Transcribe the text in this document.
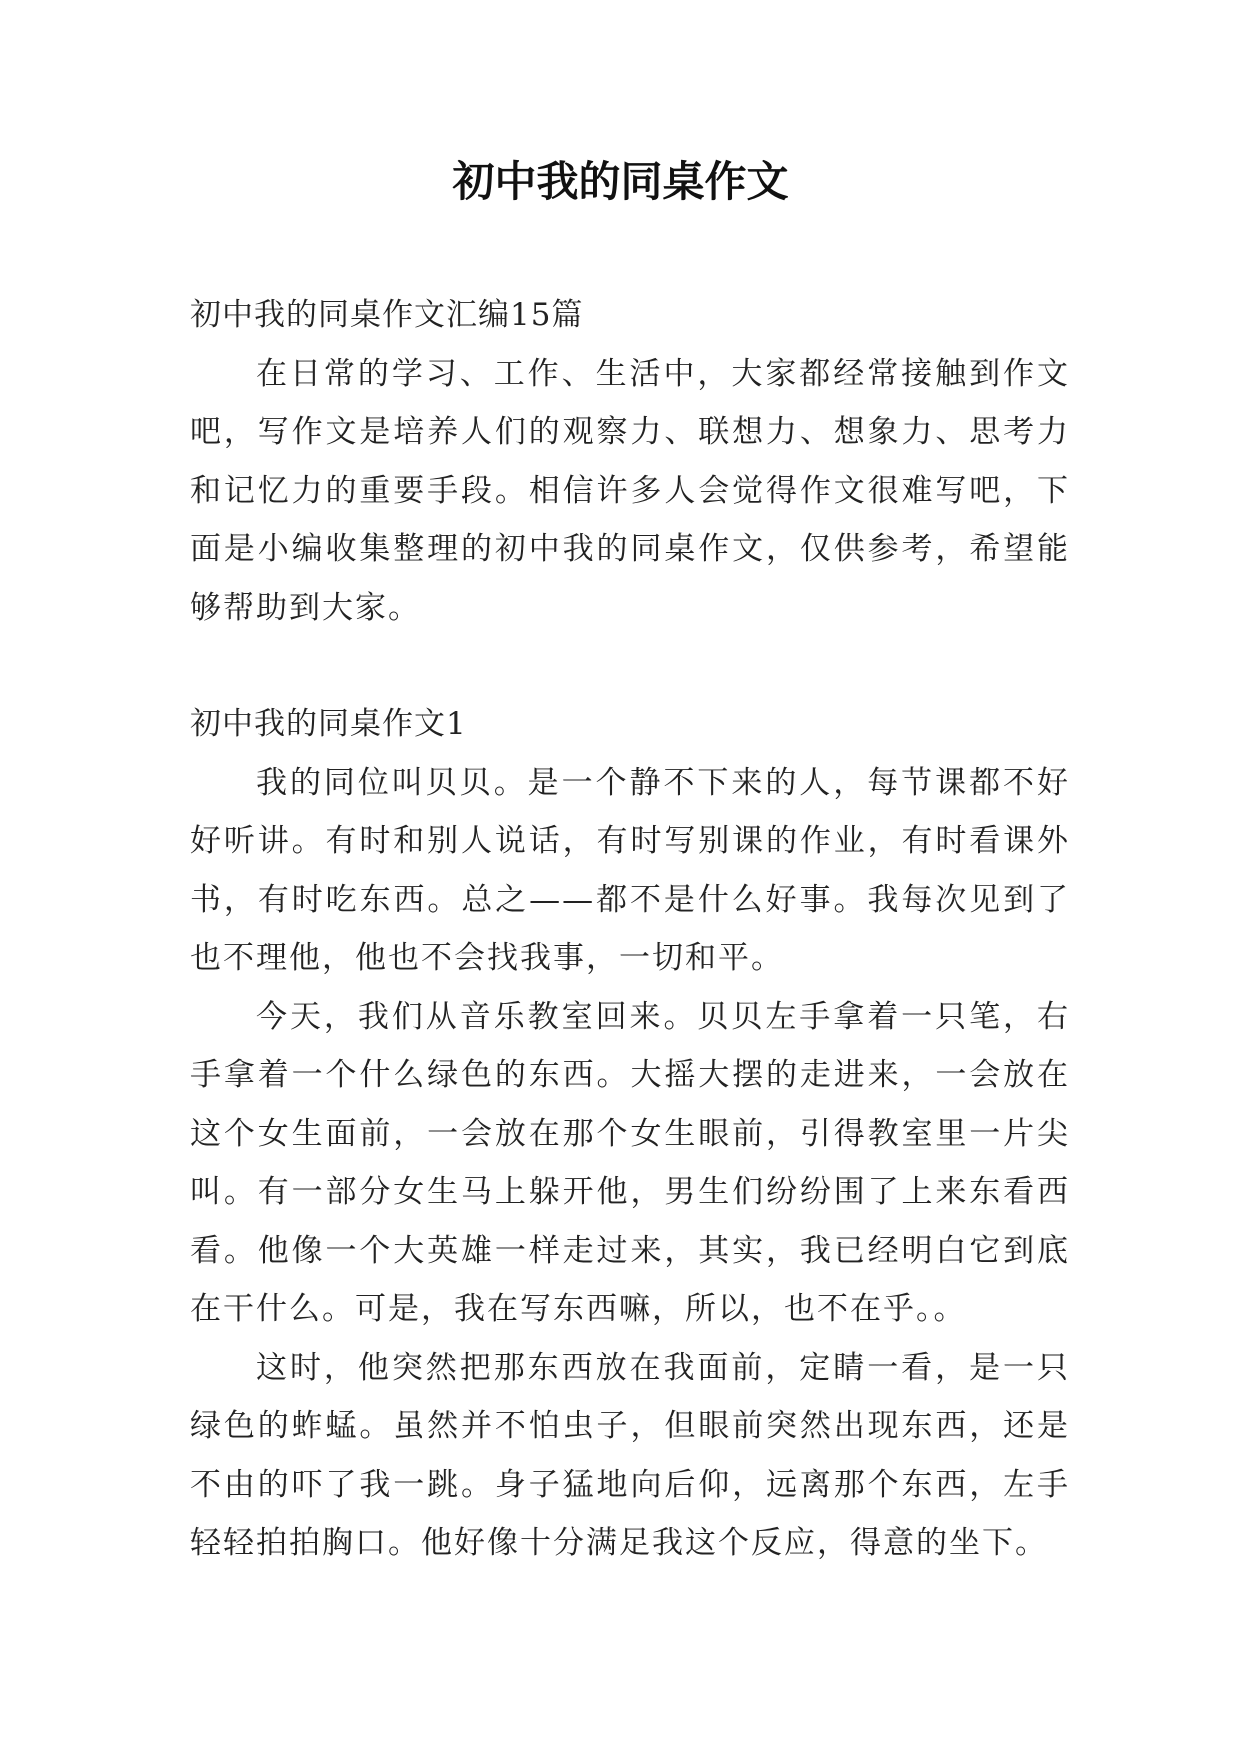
初中我的同桌作文

初中我的同桌作文汇编15篇

在日常的学习、工作、生活中，大家都经常接触到作文吧，写作文是培养人们的观察力、联想力、想象力、思考力和记忆力的重要手段。相信许多人会觉得作文很难写吧，下面是小编收集整理的初中我的同桌作文，仅供参考，希望能够帮助到大家。

初中我的同桌作文1

我的同位叫贝贝。是一个静不下来的人，每节课都不好好听讲。有时和别人说话，有时写别课的作业，有时看课外书，有时吃东西。总之——都不是什么好事。我每次见到了也不理他，他也不会找我事，一切和平。

今天，我们从音乐教室回来。贝贝左手拿着一只笔，右手拿着一个什么绿色的东西。大摇大摆的走进来，一会放在这个女生面前，一会放在那个女生眼前，引得教室里一片尖叫。有一部分女生马上躲开他，男生们纷纷围了上来东看西看。他像一个大英雄一样走过来，其实，我已经明白它到底在干什么。可是，我在写东西嘛，所以，也不在乎。。

这时，他突然把那东西放在我面前，定睛一看，是一只绿色的蚱蜢。虽然并不怕虫子，但眼前突然出现东西，还是不由的吓了我一跳。身子猛地向后仰，远离那个东西，左手轻轻拍拍胸口。他好像十分满足我这个反应，得意的坐下。
